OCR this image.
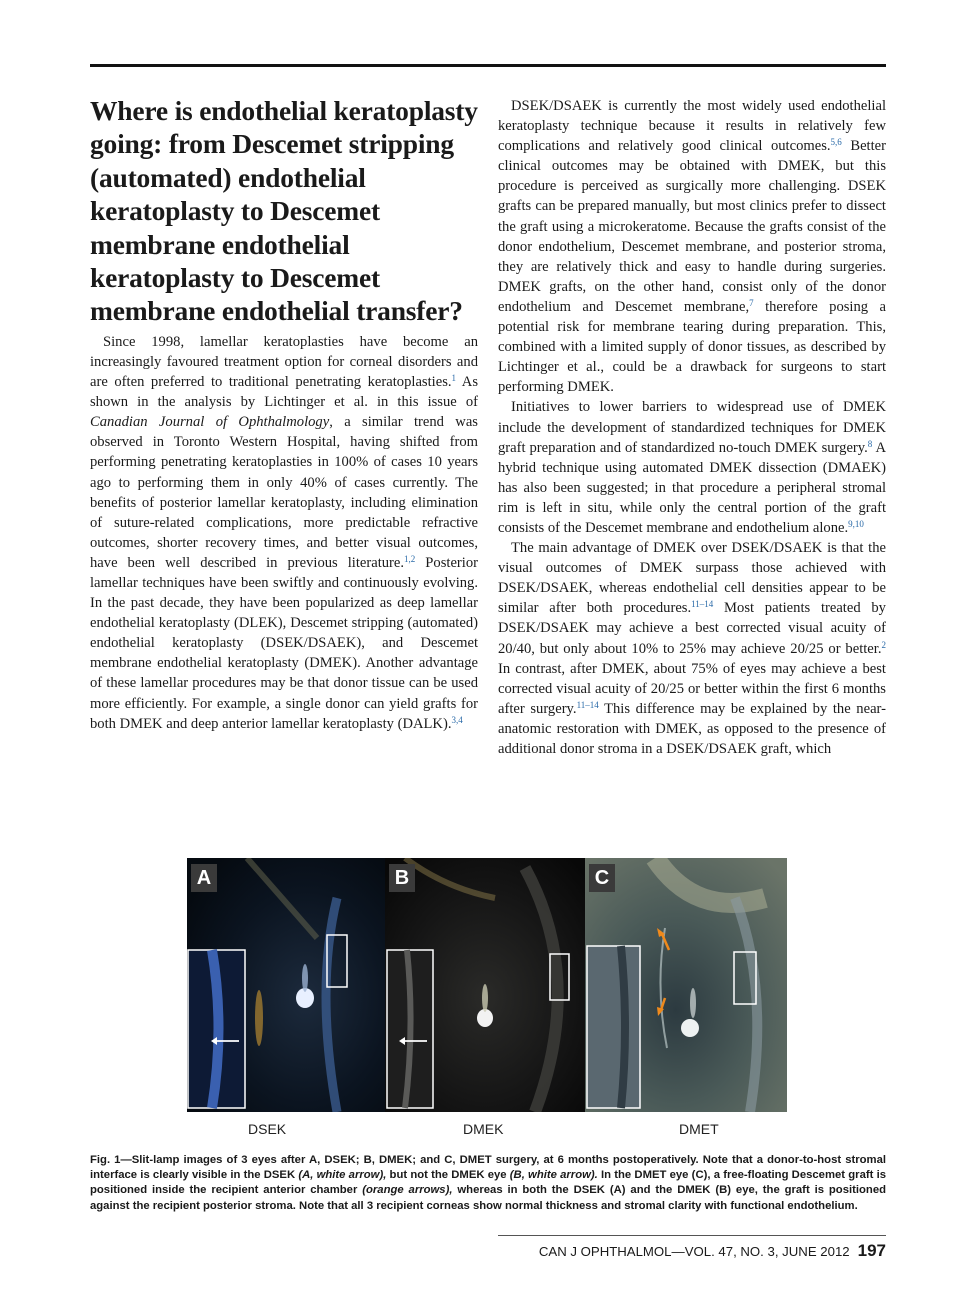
Where is endothelial keratoplasty going: from Descemet stripping (automated) endothelial keratoplasty to Descemet membrane endothelial keratoplasty to Descemet membrane endothelial transfer?

Since 1998, lamellar keratoplasties have become an increasingly favoured treatment option for corneal disorders and are often preferred to traditional penetrating keratoplasties.$^1$ As shown in the analysis by Lichtinger et al. in this issue of Canadian Journal of Ophthalmology, a similar trend was observed in Toronto Western Hospital, having shifted from performing penetrating keratoplasties in 100% of cases 10 years ago to performing them in only 40% of cases currently. The benefits of posterior lamellar keratoplasty, including elimination of suture-related complications, more predictable refractive outcomes, shorter recovery times, and better visual outcomes, have been well described in previous literature.$^{1,2}$ Posterior lamellar techniques have been swiftly and continuously evolving. In the past decade, they have been popularized as deep lamellar endothelial keratoplasty (DLEK), Descemet stripping (automated) endothelial keratoplasty (DSEK/DSAEK), and Descemet membrane endothelial keratoplasty (DMEK). Another advantage of these lamellar procedures may be that donor tissue can be used more efficiently. For example, a single donor can yield grafts for both DMEK and deep anterior lamellar keratoplasty (DALK).$^{3,4}$

DSEK/DSAEK is currently the most widely used endothelial keratoplasty technique because it results in relatively few complications and relatively good clinical outcomes.$^{5,6}$ Better clinical outcomes may be obtained with DMEK, but this procedure is perceived as surgically more challenging. DSEK grafts can be prepared manually, but most clinics prefer to dissect the graft using a microkeratome. Because the grafts consist of the donor endothelium, Descemet membrane, and posterior stroma, they are relatively thick and easy to handle during surgeries. DMEK grafts, on the other hand, consist only of the donor endothelium and Descemet membrane,$^7$ therefore posing a potential risk for membrane tearing during preparation. This, combined with a limited supply of donor tissues, as described by Lichtinger et al., could be a drawback for surgeons to start performing DMEK.

Initiatives to lower barriers to widespread use of DMEK include the development of standardized techniques for DMEK graft preparation and of standardized no-touch DMEK surgery.$^8$ A hybrid technique using automated DMEK dissection (DMAEK) has also been suggested; in that procedure a peripheral stromal rim is left in situ, while only the central portion of the graft consists of the Descemet membrane and endothelium alone.$^{9,10}$

The main advantage of DMEK over DSEK/DSAEK is that the visual outcomes of DMEK surpass those achieved with DSEK/DSAEK, whereas endothelial cell densities appear to be similar after both procedures.$^{11-14}$ Most patients treated by DSEK/DSAEK may achieve a best corrected visual acuity of 20/40, but only about 10% to 25% may achieve 20/25 or better.$^2$ In contrast, after DMEK, about 75% of eyes may achieve a best corrected visual acuity of 20/25 or better within the first 6 months after surgery.$^{11-14}$ This difference may be explained by the near-anatomic restoration with DMEK, as opposed to the presence of additional donor stroma in a DSEK/DSAEK graft, which

A	B	C
DSEK	DMEK	DMET
Fig. 1—Slit-lamp images of 3 eyes after A, DSEK; B, DMEK; and C, DMET surgery, at 6 months postoperatively. Note that a donor-to-host stromal interface is clearly visible in the DSEK (A, white arrow), but not the DMEK eye (B, white arrow). In the DMET eye (C), a free-floating Descemet graft is positioned inside the recipient anterior chamber (orange arrows), whereas in both the DSEK (A) and the DMEK (B) eye, the graft is positioned against the recipient posterior stroma. Note that all 3 recipient corneas show normal thickness and stromal clarity with functional endothelium.
CAN J OPHTHALMOL—VOL. 47, NO. 3, JUNE 2012 197
